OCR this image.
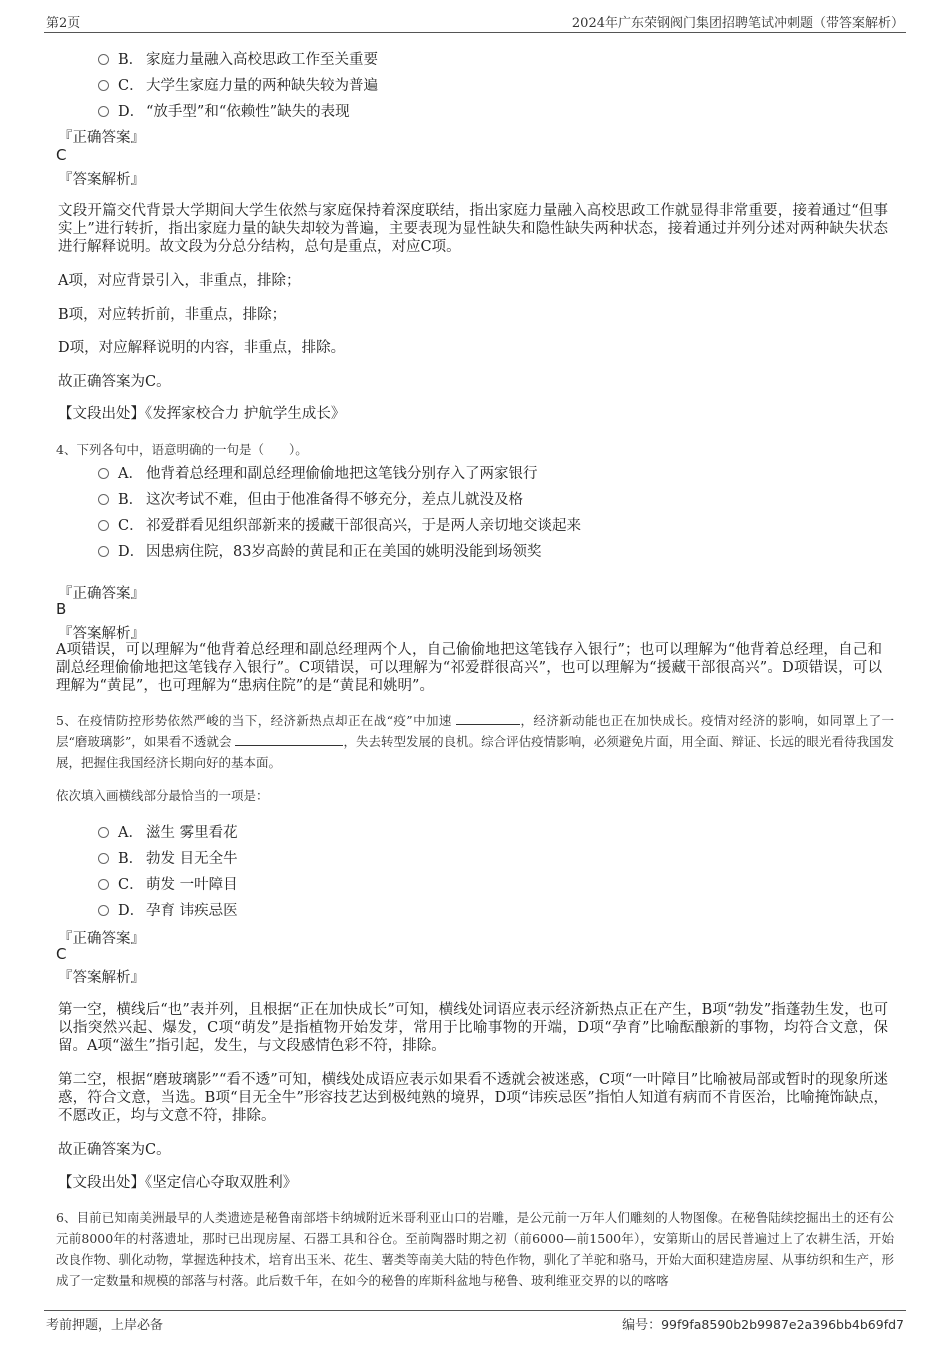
第2页	2024年广东荣钢阀门集团招聘笔试冲刺题（带答案解析）
B． 家庭力量融入高校思政工作至关重要
C． 大学生家庭力量的两种缺失较为普遍
D． “放手型”和“依赖性”缺失的表现
『正确答案』
C
『答案解析』
文段开篇交代背景大学期间大学生依然与家庭保持着深度联结，指出家庭力量融入高校思政工作就显得非常重要，接着通过“但事实上”进行转折，指出家庭力量的缺失却较为普遍，主要表现为显性缺失和隐性缺失两种状态，接着通过并列分述对两种缺失状态进行解释说明。故文段为分总分结构，总句是重点，对应C项。
A项，对应背景引入，非重点，排除；
B项，对应转折前，非重点，排除；
D项，对应解释说明的内容，非重点，排除。
故正确答案为C。
【文段出处】《发挥家校合力 护航学生成长》
4、下列各句中，语意明确的一句是（　　）。
A． 他背着总经理和副总经理偷偷地把这笔钱分别存入了两家银行
B． 这次考试不难，但由于他准备得不够充分，差点儿就没及格
C． 祁爱群看见组织部新来的援藏干部很高兴，于是两人亲切地交谈起来
D． 因患病住院，83岁高龄的黄昆和正在美国的姚明没能到场领奖
『正确答案』
B
『答案解析』
A项错误，可以理解为“他背着总经理和副总经理两个人，自己偷偷地把这笔钱存入银行”；也可以理解为“他背着总经理，自己和副总经理偷偷地把这笔钱存入银行”。C项错误，可以理解为“祁爱群很高兴”，也可以理解为“援藏干部很高兴”。D项错误，可以理解为“黄昆”，也可理解为“患病住院”的是“黄昆和姚明”。
5、在疫情防控形势依然严峻的当下，经济新热点却正在战“疫”中加速	，经济新动能也正在加快成长。疫情对经济的影响，如同罩上了一层“磨玻璃影”，如果看不透就会	，失去转型发展的良机。综合评估疫情影响，必须避免片面，用全面、辩证、长远的眼光看待我国发展，把握住我国经济长期向好的基本面。
依次填入画横线部分最恰当的一项是：
A． 滋生 雾里看花
B． 勃发 目无全牛
C． 萌发 一叶障目
D． 孕育 讳疾忌医
『正确答案』
C
『答案解析』
第一空，横线后“也”表并列，且根据“正在加快成长”可知，横线处词语应表示经济新热点正在产生，B项“勃发”指蓬勃生发，也可以指突然兴起、爆发，C项“萌发”是指植物开始发芽，常用于比喻事物的开端，D项“孕育”比喻酝酿新的事物，均符合文意，保留。A项“滋生”指引起，发生，与文段感情色彩不符，排除。
第二空，根据“磨玻璃影”“看不透”可知，横线处成语应表示如果看不透就会被迷惑，C项“一叶障目”比喻被局部或暂时的现象所迷惑，符合文意，当选。B项“目无全牛”形容技艺达到极纯熟的境界，D项“讳疾忌医”指怕人知道有病而不肯医治，比喻掩饰缺点，不愿改正，均与文意不符，排除。
故正确答案为C。
【文段出处】《坚定信心夺取双胜利》
6、目前已知南美洲最早的人类遗迹是秘鲁南部塔卡纳城附近米哥利亚山口的岩雕，是公元前一万年人们雕刻的人物图像。在秘鲁陆续挖掘出土的还有公元前8000年的村落遗址，那时已出现房屋、石器工具和谷仓。至前陶器时期之初（前6000—前1500年），安第斯山的居民普遍过上了农耕生活，开始改良作物、驯化动物，掌握选种技术，培育出玉米、花生、薯类等南美大陆的特色作物，驯化了羊驼和骆马，开始大面积建造房屋、从事纺织和生产，形成了一定数量和规模的部落与村落。此后数千年，在如今的秘鲁的库斯科盆地与秘鲁、玻利维亚交界的以的喀喀
考前押题，上岸必备	编号：99f9fa8590b2b9987e2a396bb4b69fd7
